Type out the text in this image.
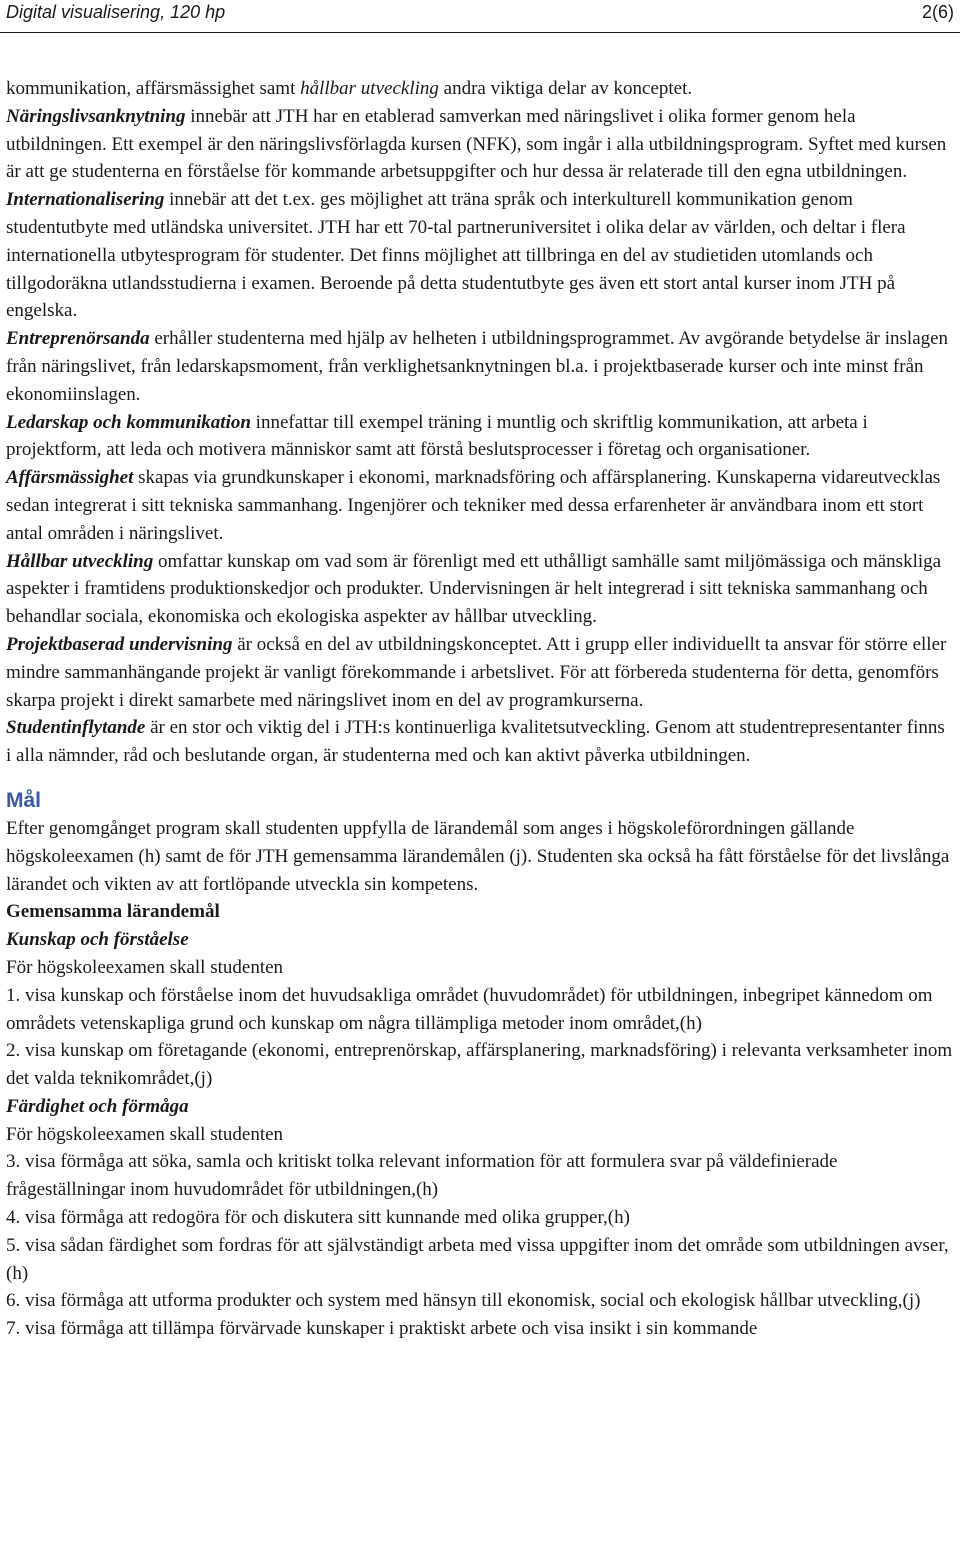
Digital visualisering, 120 hp	2(6)

kommunikation, affärsmässighet samt hållbar utveckling andra viktiga delar av konceptet.

Näringslivsanknytning innebär att JTH har en etablerad samverkan med näringslivet i olika former genom hela utbildningen. Ett exempel är den näringslivsförlagda kursen (NFK), som ingår i alla utbildningsprogram. Syftet med kursen är att ge studenterna en förståelse för kommande arbetsuppgifter och hur dessa är relaterade till den egna utbildningen.

Internationalisering innebär att det t.ex. ges möjlighet att träna språk och interkulturell kommunikation genom studentutbyte med utländska universitet. JTH har ett 70-tal partneruniversitet i olika delar av världen, och deltar i flera internationella utbytesprogram för studenter. Det finns möjlighet att tillbringa en del av studietiden utomlands och tillgodoräkna utlandsstudierna i examen. Beroende på detta studentutbyte ges även ett stort antal kurser inom JTH på engelska.

Entreprenörsanda erhåller studenterna med hjälp av helheten i utbildningsprogrammet. Av avgörande betydelse är inslagen från näringslivet, från ledarskapsmoment, från verklighetsanknytningen bl.a. i projektbaserade kurser och inte minst från ekonomiinslagen.

Ledarskap och kommunikation innefattar till exempel träning i muntlig och skriftlig kommunikation, att arbeta i projektform, att leda och motivera människor samt att förstå beslutsprocesser i företag och organisationer.

Affärsmässighet skapas via grundkunskaper i ekonomi, marknadsföring och affärsplanering. Kunskaperna vidareutvecklas sedan integrerat i sitt tekniska sammanhang. Ingenjörer och tekniker med dessa erfarenheter är användbara inom ett stort antal områden i näringslivet.

Hållbar utveckling omfattar kunskap om vad som är förenligt med ett uthålligt samhälle samt miljömässiga och mänskliga aspekter i framtidens produktionskedjor och produkter. Undervisningen är helt integrerad i sitt tekniska sammanhang och behandlar sociala, ekonomiska och ekologiska aspekter av hållbar utveckling.

Projektbaserad undervisning är också en del av utbildningskonceptet. Att i grupp eller individuellt ta ansvar för större eller mindre sammanhängande projekt är vanligt förekommande i arbetslivet. För att förbereda studenterna för detta, genomförs skarpa projekt i direkt samarbete med näringslivet inom en del av programkurserna.

Studentinflytande är en stor och viktig del i JTH:s kontinuerliga kvalitetsutveckling. Genom att studentrepresentanter finns i alla nämnder, råd och beslutande organ, är studenterna med och kan aktivt påverka utbildningen.

Mål

Efter genomgånget program skall studenten uppfylla de lärandemål som anges i högskoleförordningen gällande högskoleexamen (h) samt de för JTH gemensamma lärandemålen (j). Studenten ska också ha fått förståelse för det livslånga lärandet och vikten av att fortlöpande utveckla sin kompetens.

Gemensamma lärandemål

Kunskap och förståelse

För högskoleexamen skall studenten

1. visa kunskap och förståelse inom det huvudsakliga området (huvudområdet) för utbildningen, inbegripet kännedom om områdets vetenskapliga grund och kunskap om några tillämpliga metoder inom området,(h)

2. visa kunskap om företagande (ekonomi, entreprenörskap, affärsplanering, marknadsföring) i relevanta verksamheter inom det valda teknikområdet,(j)

Färdighet och förmåga

För högskoleexamen skall studenten

3. visa förmåga att söka, samla och kritiskt tolka relevant information för att formulera svar på väldefinierade frågeställningar inom huvudområdet för utbildningen,(h)

4. visa förmåga att redogöra för och diskutera sitt kunnande med olika grupper,(h)

5. visa sådan färdighet som fordras för att självständigt arbeta med vissa uppgifter inom det område som utbildningen avser,(h)

6. visa förmåga att utforma produkter och system med hänsyn till ekonomisk, social och ekologisk hållbar utveckling,(j)

7. visa förmåga att tillämpa förvärvade kunskaper i praktiskt arbete och visa insikt i sin kommande
